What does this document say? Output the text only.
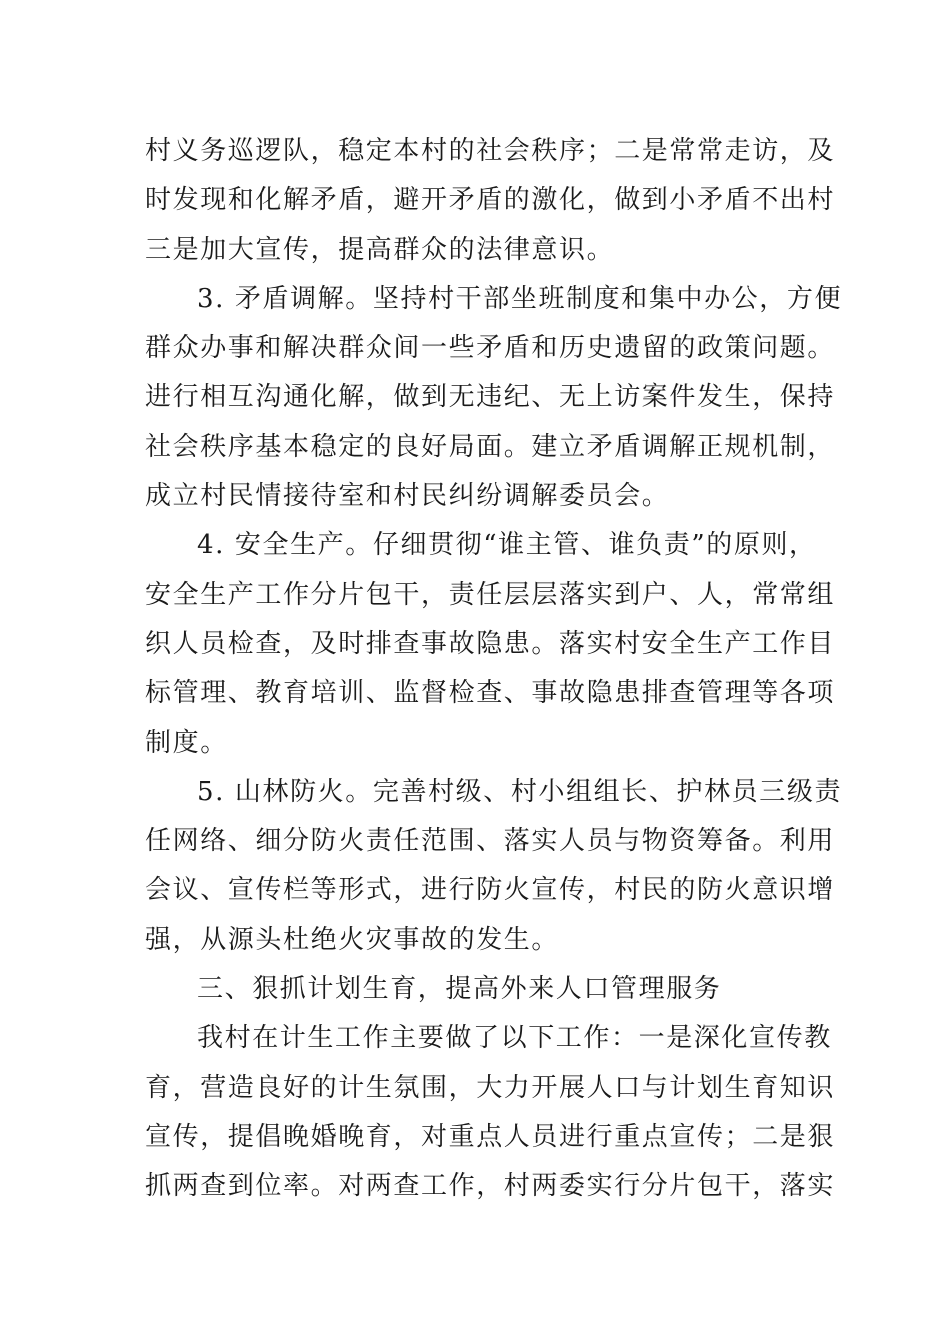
村义务巡逻队，稳定本村的社会秩序；二是常常走访，及
时发现和化解矛盾，避开矛盾的激化，做到小矛盾不出村
三是加大宣传，提高群众的法律意识。
3. 矛盾调解。坚持村干部坐班制度和集中办公，方便
群众办事和解决群众间一些矛盾和历史遗留的政策问题。
进行相互沟通化解，做到无违纪、无上访案件发生，保持
社会秩序基本稳定的良好局面。建立矛盾调解正规机制，
成立村民情接待室和村民纠纷调解委员会。
4. 安全生产。仔细贯彻“谁主管、谁负责”的原则，
安全生产工作分片包干，责任层层落实到户、人，常常组
织人员检查，及时排查事故隐患。落实村安全生产工作目
标管理、教育培训、监督检查、事故隐患排查管理等各项
制度。
5. 山林防火。完善村级、村小组组长、护林员三级责
任网络、细分防火责任范围、落实人员与物资筹备。利用
会议、宣传栏等形式，进行防火宣传，村民的防火意识增
强，从源头杜绝火灾事故的发生。
三、狠抓计划生育，提高外来人口管理服务
我村在计生工作主要做了以下工作：一是深化宣传教
育，营造良好的计生氛围，大力开展人口与计划生育知识
宣传，提倡晚婚晚育，对重点人员进行重点宣传；二是狠
抓两查到位率。对两查工作，村两委实行分片包干，落实
